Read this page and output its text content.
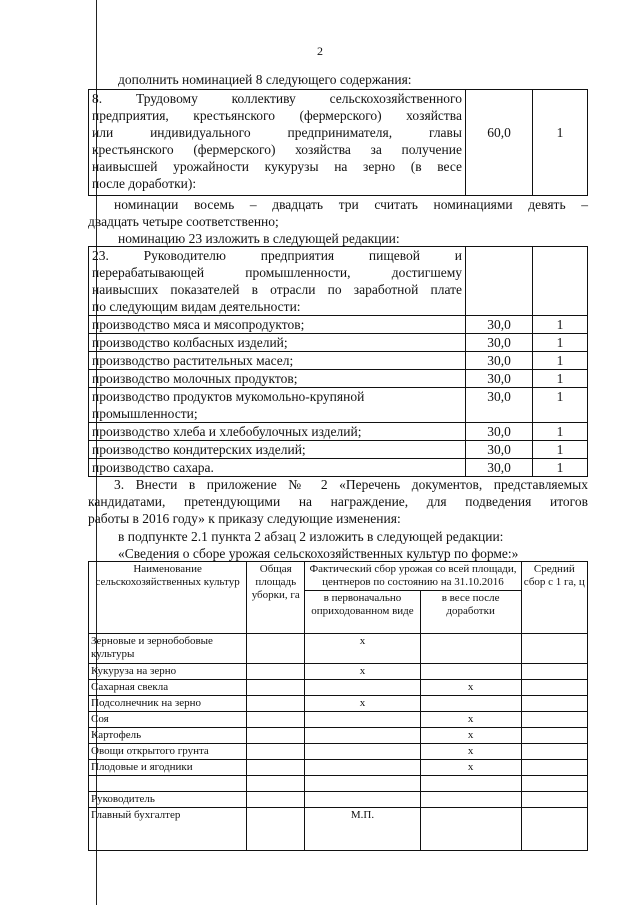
2
дополнить номинацией 8 следующего содержания:
8. Трудовому коллективу сельскохозяйственного
предприятия, крестьянского (фермерского) хозяйства
или индивидуального предпринимателя, главы
крестьянского (фермерского) хозяйства за получение
наивысшей урожайности кукурузы на зерно (в весе
после доработки):
	60,0	1
номинации восемь – двадцать три считать номинациями девять –
двадцать четыре соответственно;
номинацию 23 изложить в следующей редакции:
23. Руководителю предприятия пищевой и
перерабатывающей промышленности, достигшему
наивысших показателей в отрасли по заработной плате
по следующим видам деятельности:		

производство мяса и мясопродуктов;	30,0	1
производство колбасных изделий;	30,0	1
производство растительных масел;	30,0	1
производство молочных продуктов;	30,0	1
производство продуктов мукомольно-крупяной промышленности;	30,0	1
производство хлеба и хлебобулочных изделий;	30,0	1
производство кондитерских изделий;	30,0	1
производство сахара.	30,0	1
3. Внести в приложение № 2 «Перечень документов, представляемых
кандидатами, претендующими на награждение, для подведения итогов
работы в 2016 году» к приказу следующие изменения:
в подпункте 2.1 пункта 2 абзац 2 изложить в следующей редакции:
«Сведения о сборе урожая сельскохозяйственных культур по форме:»
Наименование сельскохозяйственных культур	Общая площадь уборки, га	Фактический сбор урожая со всей площади, центнеров по состоянию на 31.10.2016		Средний сбор с 1 га, ц
		в первоначально оприходованном виде	в весе после доработки	
Зерновые и зернобобовые культуры		х		
Кукуруза на зерно		х		
Сахарная свекла			х	
Подсолнечник на зерно		х		
Соя			х	
Картофель			х	
Овощи открытого грунта			х	
Плодовые и ягодники			х	

Руководитель				
Главный бухгалтер		М.П.		
